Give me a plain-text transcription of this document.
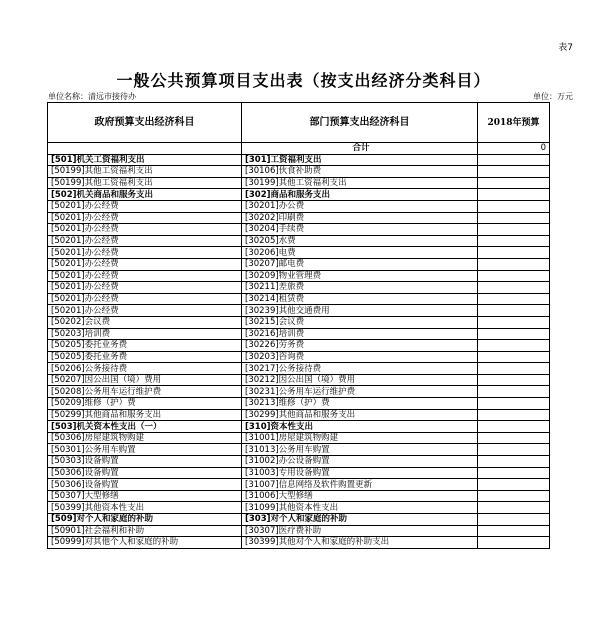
表7
一般公共预算项目支出表（按支出经济分类科目）
单位名称：清远市接待办	单位：万元
政府预算支出经济科目	部门预算支出经济科目	2018年预算
	合计	0
[501]机关工资福利支出	[301]工资福利支出	
[50199]其他工资福利支出	[30106]伙食补助费	
[50199]其他工资福利支出	[30199]其他工资福利支出	
[502]机关商品和服务支出	[302]商品和服务支出	
[50201]办公经费	[30201]办公费	
[50201]办公经费	[30202]印刷费	
[50201]办公经费	[30204]手续费	
[50201]办公经费	[30205]水费	
[50201]办公经费	[30206]电费	
[50201]办公经费	[30207]邮电费	
[50201]办公经费	[30209]物业管理费	
[50201]办公经费	[30211]差旅费	
[50201]办公经费	[30214]租赁费	
[50201]办公经费	[30239]其他交通费用	
[50202]会议费	[30215]会议费	
[50203]培训费	[30216]培训费	
[50205]委托业务费	[30226]劳务费	
[50205]委托业务费	[30203]咨询费	
[50206]公务接待费	[30217]公务接待费	
[50207]因公出国（境）费用	[30212]因公出国（境）费用	
[50208]公务用车运行维护费	[30231]公务用车运行维护费	
[50209]维修（护）费	[30213]维修（护）费	
[50299]其他商品和服务支出	[30299]其他商品和服务支出	
[503]机关资本性支出（一）	[310]资本性支出	
[50306]房屋建筑物购建	[31001]房屋建筑物购建	
[50301]公务用车购置	[31013]公务用车购置	
[50303]设备购置	[31002]办公设备购置	
[50306]设备购置	[31003]专用设备购置	
[50306]设备购置	[31007]信息网络及软件购置更新	
[50307]大型修缮	[31006]大型修缮	
[50399]其他资本性支出	[31099]其他资本性支出	
[509]对个人和家庭的补助	[303]对个人和家庭的补助	
[50901]社会福利和补助	[30307]医疗费补助	
[50999]对其他个人和家庭的补助	[30399]其他对个人和家庭的补助支出	
